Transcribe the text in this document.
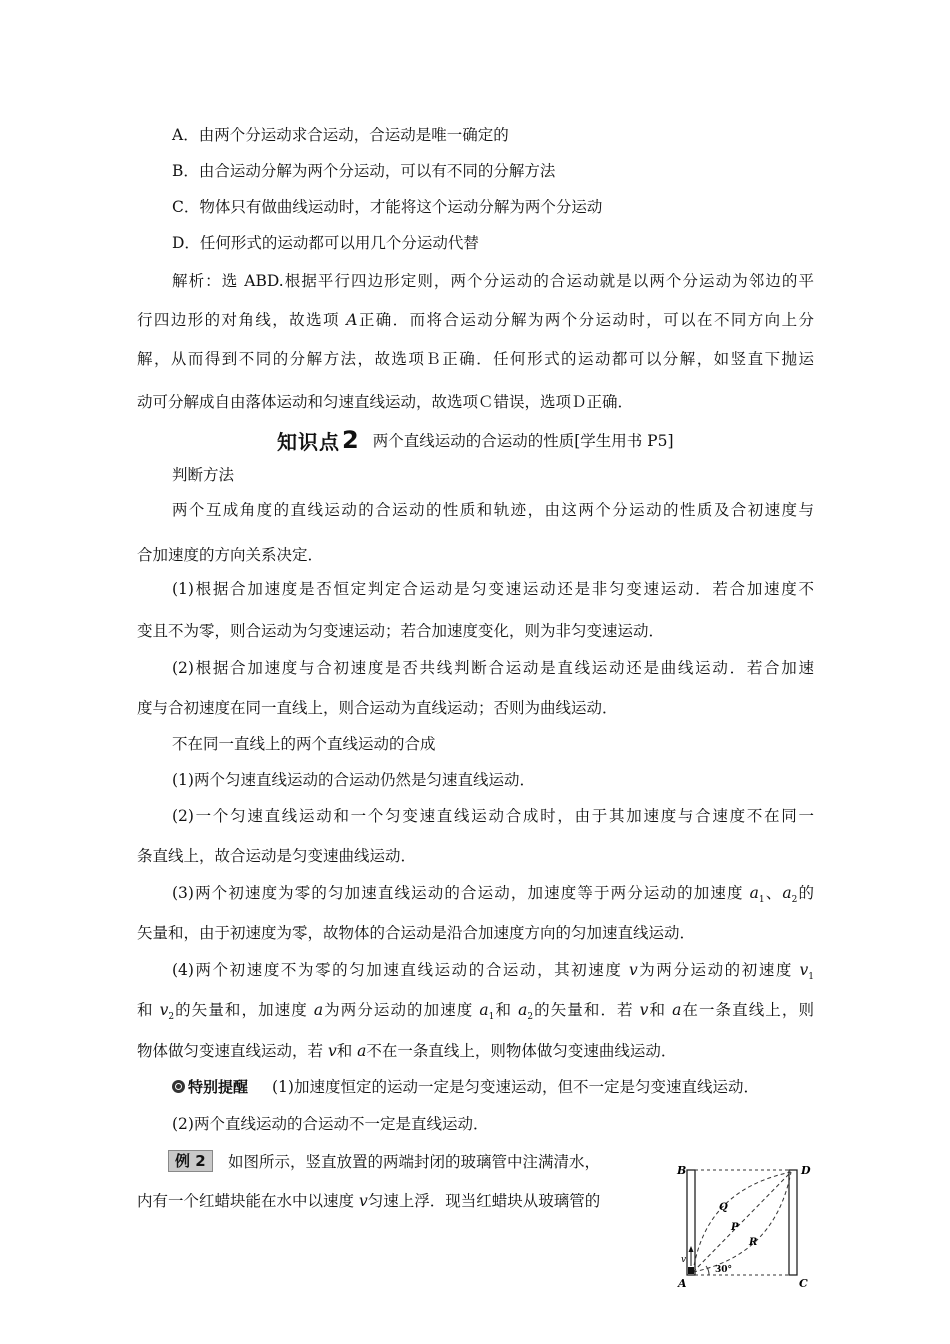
A．由两个分运动求合运动，合运动是唯一确定的
B．由合运动分解为两个分运动，可以有不同的分解方法
C．物体只有做曲线运动时，才能将这个运动分解为两个分运动
D．任何形式的运动都可以用几个分运动代替
解析：选 ABD.根据平行四边形定则，两个分运动的合运动就是以两个分运动为邻边的平
行四边形的对角线，故选项 A正确．而将合运动分解为两个分运动时，可以在不同方向上分
解，从而得到不同的分解方法，故选项Ｂ正确．任何形式的运动都可以分解，如竖直下抛运
动可分解成自由落体运动和匀速直线运动，故选项Ｃ错误，选项Ｄ正确．
知识点 2 两个直线运动的合运动的性质[学生用书 P5]
判断方法
两个互成角度的直线运动的合运动的性质和轨迹，由这两个分运动的性质及合初速度与
合加速度的方向关系决定．
(1)根据合加速度是否恒定判定合运动是匀变速运动还是非匀变速运动．若合加速度不
变且不为零，则合运动为匀变速运动；若合加速度变化，则为非匀变速运动．
(2)根据合加速度与合初速度是否共线判断合运动是直线运动还是曲线运动．若合加速
度与合初速度在同一直线上，则合运动为直线运动；否则为曲线运动．
不在同一直线上的两个直线运动的合成
(1)两个匀速直线运动的合运动仍然是匀速直线运动．
(2)一个匀速直线运动和一个匀变速直线运动合成时，由于其加速度与合速度不在同一
条直线上，故合运动是匀变速曲线运动．
(3)两个初速度为零的匀加速直线运动的合运动，加速度等于两分运动的加速度 $a_1$、$a_2$的
矢量和，由于初速度为零，故物体的合运动是沿合加速度方向的匀加速直线运动．
(4)两个初速度不为零的匀加速直线运动的合运动，其初速度 v为两分运动的初速度 $v_1$
和 $v_2$的矢量和，加速度 a为两分运动的加速度 $a_1$和 $a_2$的矢量和．若 v和 a在一条直线上，则
物体做匀变速直线运动，若 v和 a不在一条直线上，则物体做匀变速曲线运动．
特别提醒 (1)加速度恒定的运动一定是匀变速运动，但不一定是匀变速直线运动．
(2)两个直线运动的合运动不一定是直线运动．
例 2	如图所示，竖直放置的两端封闭的玻璃管中注满清水，
内有一个红蜡块能在水中以速度 v匀速上浮．现当红蜡块从玻璃管的
B	D
Q
P
R
v
A	C
30°
